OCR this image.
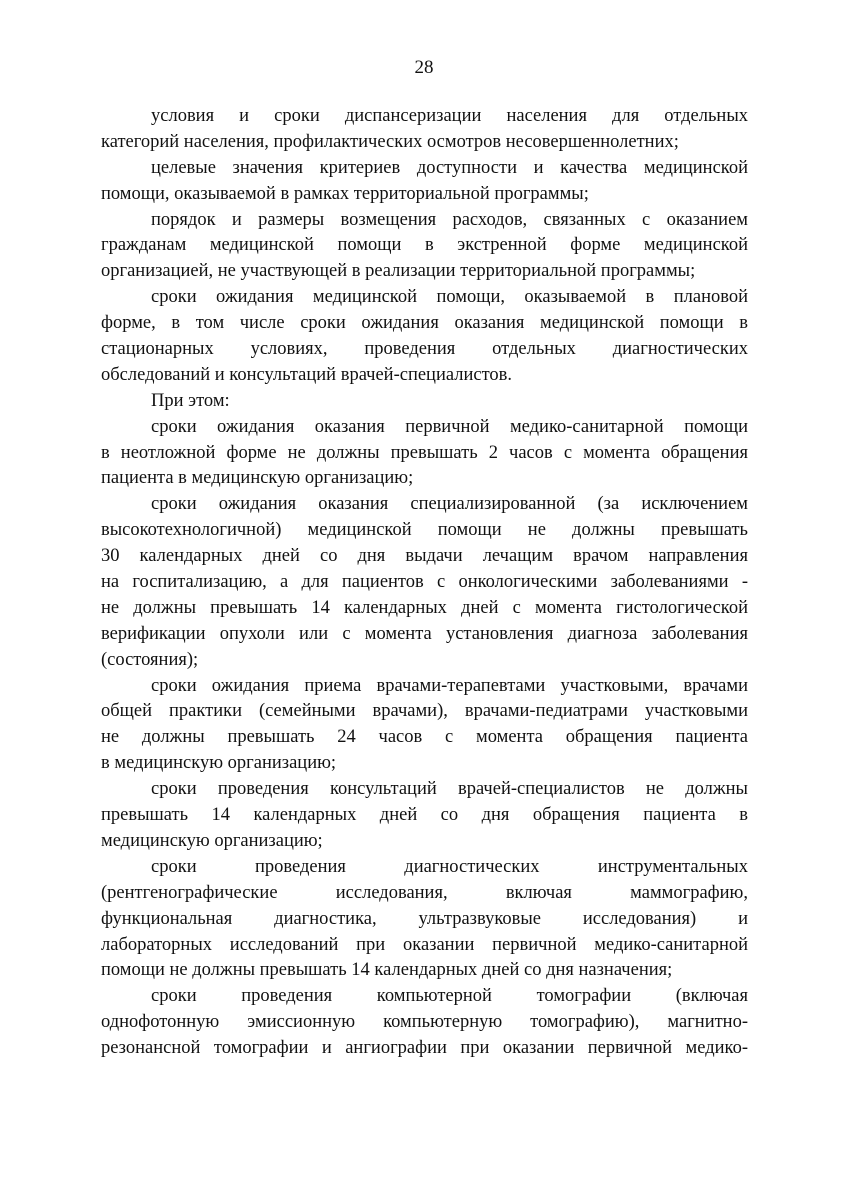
28
условия и сроки диспансеризации населения для отдельных
категорий населения, профилактических осмотров несовершеннолетних;
целевые значения критериев доступности и качества медицинской
помощи, оказываемой в рамках территориальной программы;
порядок и размеры возмещения расходов, связанных с оказанием
гражданам медицинской помощи в экстренной форме медицинской
организацией, не участвующей в реализации территориальной программы;
сроки ожидания медицинской помощи, оказываемой в плановой
форме, в том числе сроки ожидания оказания медицинской помощи в
стационарных условиях, проведения отдельных диагностических
обследований и консультаций врачей-специалистов.
При этом:
сроки ожидания оказания первичной медико-санитарной помощи
в неотложной форме не должны превышать 2 часов с момента обращения
пациента в медицинскую организацию;
сроки ожидания оказания специализированной (за исключением
высокотехнологичной) медицинской помощи не должны превышать
30 календарных дней со дня выдачи лечащим врачом направления
на госпитализацию, а для пациентов с онкологическими заболеваниями -
не должны превышать 14 календарных дней с момента гистологической
верификации опухоли или с момента установления диагноза заболевания
(состояния);
сроки ожидания приема врачами-терапевтами участковыми, врачами
общей практики (семейными врачами), врачами-педиатрами участковыми
не должны превышать 24 часов с момента обращения пациента
в медицинскую организацию;
сроки проведения консультаций врачей-специалистов не должны
превышать 14 календарных дней со дня обращения пациента в
медицинскую организацию;
сроки проведения диагностических инструментальных
(рентгенографические исследования, включая маммографию,
функциональная диагностика, ультразвуковые исследования) и
лабораторных исследований при оказании первичной медико-санитарной
помощи не должны превышать 14 календарных дней со дня назначения;
сроки проведения компьютерной томографии (включая
однофотонную эмиссионную компьютерную томографию), магнитно-
резонансной томографии и ангиографии при оказании первичной медико-
